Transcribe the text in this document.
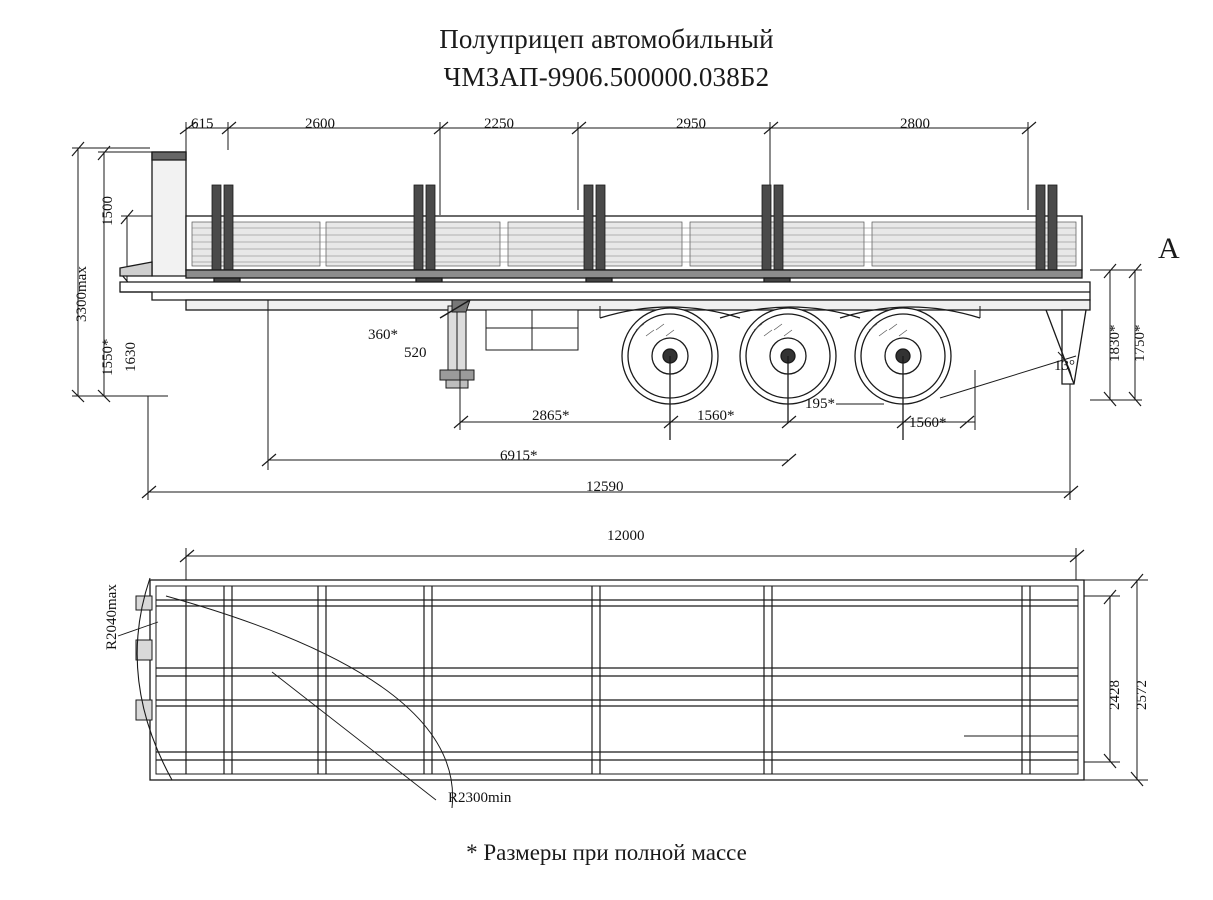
Полуприцеп автомобильный
ЧМЗАП-9906.500000.038Б2
615	2600	2250	2950	2800
1500
3300max
1550* 1630
360*
520	1830* 1750*
13°
2865*	1560*
195*
1560*
6915*
12590
A
12000
R2040max
R2300min
2428 2572
* Размеры при полной массе
